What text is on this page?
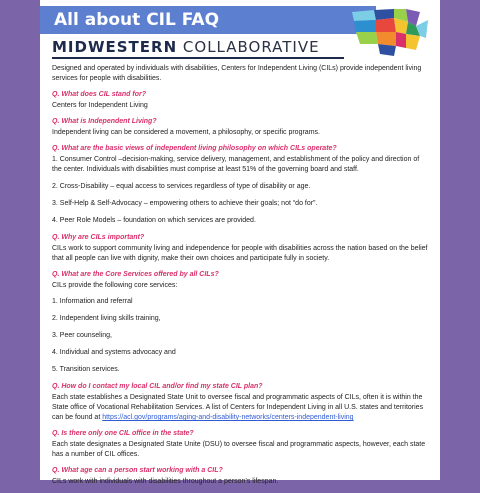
All about CIL FAQ
MIDWESTERN COLLABORATIVE

Designed and operated by individuals with disabilities, Centers for Independent Living (CILs) provide independent living services for people with disabilities.

Q. What does CIL stand for?

Centers for Independent Living

Q. What is Independent Living?

Independent living can be considered a movement, a philosophy, or specific programs.

Q. What are the basic views of independent living philosophy on which CILs operate?

1. Consumer Control –decision-making, service delivery, management, and establishment of the policy and direction of the center. Individuals with disabilities must comprise at least 51% of the governing board and staff.

2. Cross-Disability – equal access to services regardless of type of disability or age.

3. Self-Help & Self-Advocacy – empowering others to achieve their goals; not “do for”.

4. Peer Role Models – foundation on which services are provided.

Q. Why are CILs important?

CILs work to support community living and independence for people with disabilities across the nation based on the belief that all people can live with dignity, make their own choices and participate fully in society.

Q. What are the Core Services offered by all CILs?

CILs provide the following core services:

1. Information and referral

2. Independent living skills training,

3. Peer counseling,

4. Individual and systems advocacy and

5. Transition services.

Q. How do I contact my local CIL and/or find my state CIL plan?

Each state establishes a Designated State Unit to oversee fiscal and programmatic aspects of CILs, often it is within the State office of Vocational Rehabilitation Services. A list of Centers for Independent Living in all U.S. states and territories can be found at https://acl.gov/programs/aging-and-disability-networks/centers-independent-living

Q. Is there only one CIL office in the state?

Each state designates a Designated State Unite (DSU) to oversee fiscal and programmatic aspects, however, each state has a number of CIL offices.

Q. What age can a person start working with a CIL?

CILs work with individuals with disabilities throughout a person’s lifespan.
